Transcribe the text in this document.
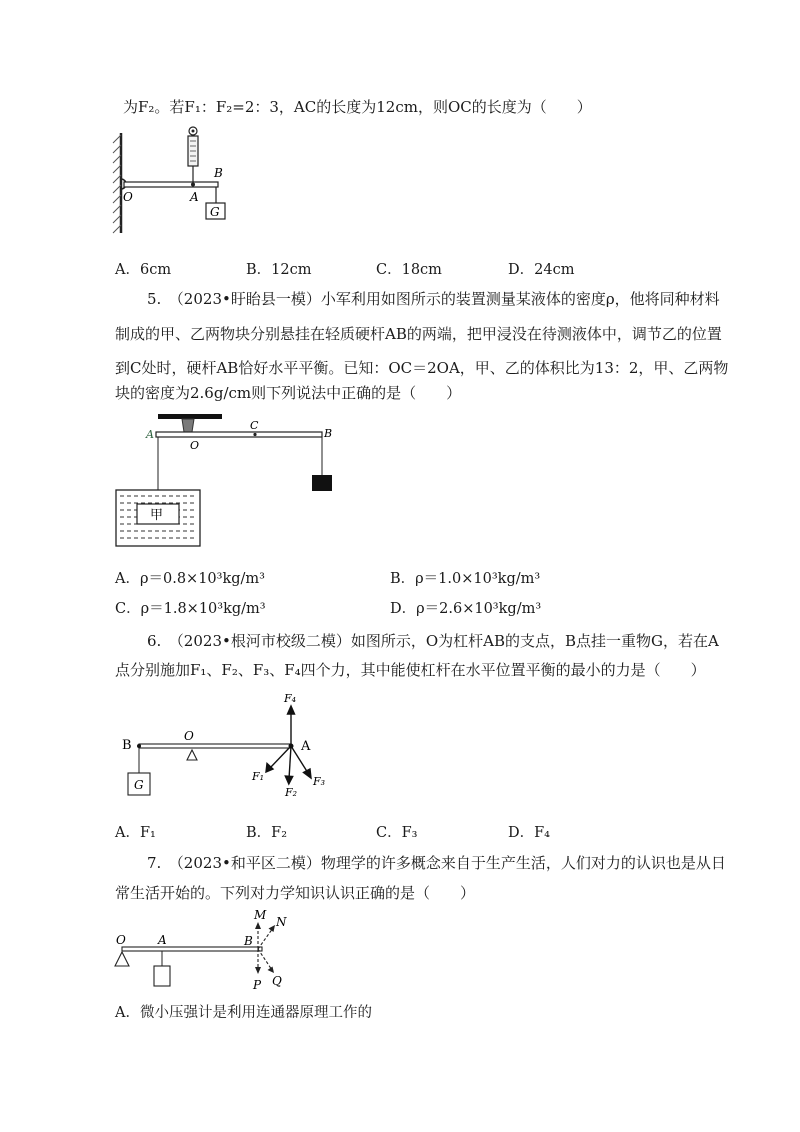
为F₂。若F₁：F₂=2：3，AC的长度为12cm，则OC的长度为（　　）
G
O	A
B
A．6cm	B．12cm	C．18cm	D．24cm
5.　（2023•盱眙县一模）小军利用如图所示的装置测量某液体的密度ρ，他将同种材料
制成的甲、乙两物块分别悬挂在轻质硬杆AB的两端，把甲浸没在待测液体中，调节乙的位置
到C处时，硬杆AB恰好水平平衡。已知：OC＝2OA，甲、乙的体积比为13：2，甲、乙两物
块的密度为2.6g/cm则下列说法中正确的是（　　）
甲
A
O
C
B
A．ρ＝0.8×10³kg/m³	B．ρ＝1.0×10³kg/m³
C．ρ＝1.8×10³kg/m³	D．ρ＝2.6×10³kg/m³
6.　（2023•根河市校级二模）如图所示，O为杠杆AB的支点，B点挂一重物G，若在A
点分别施加F₁、F₂、F₃、F₄四个力，其中能使杠杆在水平位置平衡的最小的力是（　　）
G
B
O
A
F₄
F₁
F₂
F₃
A．F₁	B．F₂	C．F₃	D．F₄
7.　（2023•和平区二模）物理学的许多概念来自于生产生活，人们对力的认识也是从日
常生活开始的。下列对力学知识认识正确的是（　　）
O	A	B
M N
P Q
A．微小压强计是利用连通器原理工作的
